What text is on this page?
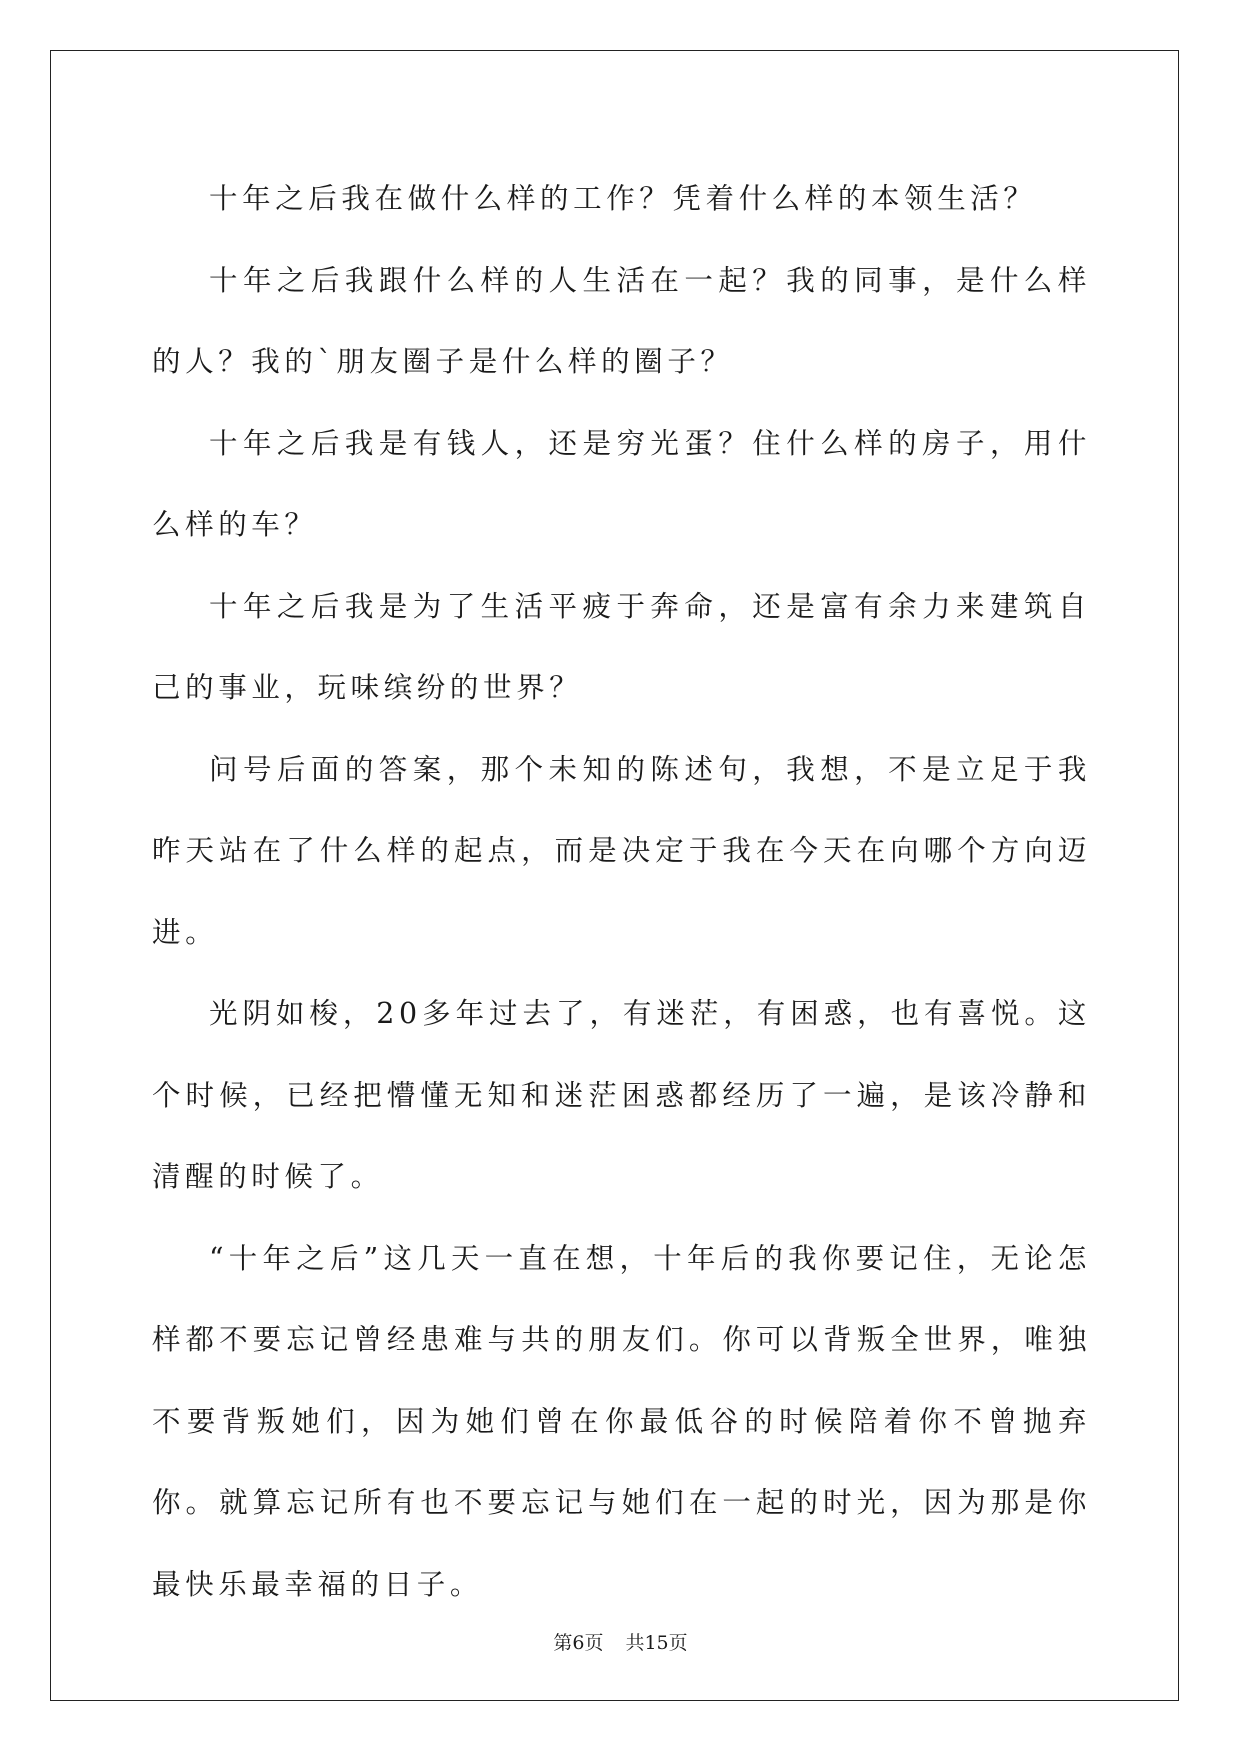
十年之后我在做什么样的工作？凭着什么样的本领生活？

十年之后我跟什么样的人生活在一起？我的同事，是什么样的人？我的`朋友圈子是什么样的圈子？

十年之后我是有钱人，还是穷光蛋？住什么样的房子，用什么样的车？

十年之后我是为了生活平疲于奔命，还是富有余力来建筑自己的事业，玩味缤纷的世界？

问号后面的答案，那个未知的陈述句，我想，不是立足于我昨天站在了什么样的起点，而是决定于我在今天在向哪个方向迈进。

光阴如梭，20多年过去了，有迷茫，有困惑，也有喜悦。这个时候，已经把懵懂无知和迷茫困惑都经历了一遍，是该冷静和清醒的时候了。

“十年之后”这几天一直在想，十年后的我你要记住，无论怎样都不要忘记曾经患难与共的朋友们。你可以背叛全世界，唯独不要背叛她们，因为她们曾在你最低谷的时候陪着你不曾抛弃你。就算忘记所有也不要忘记与她们在一起的时光，因为那是你最快乐最幸福的日子。

第6页 共15页
